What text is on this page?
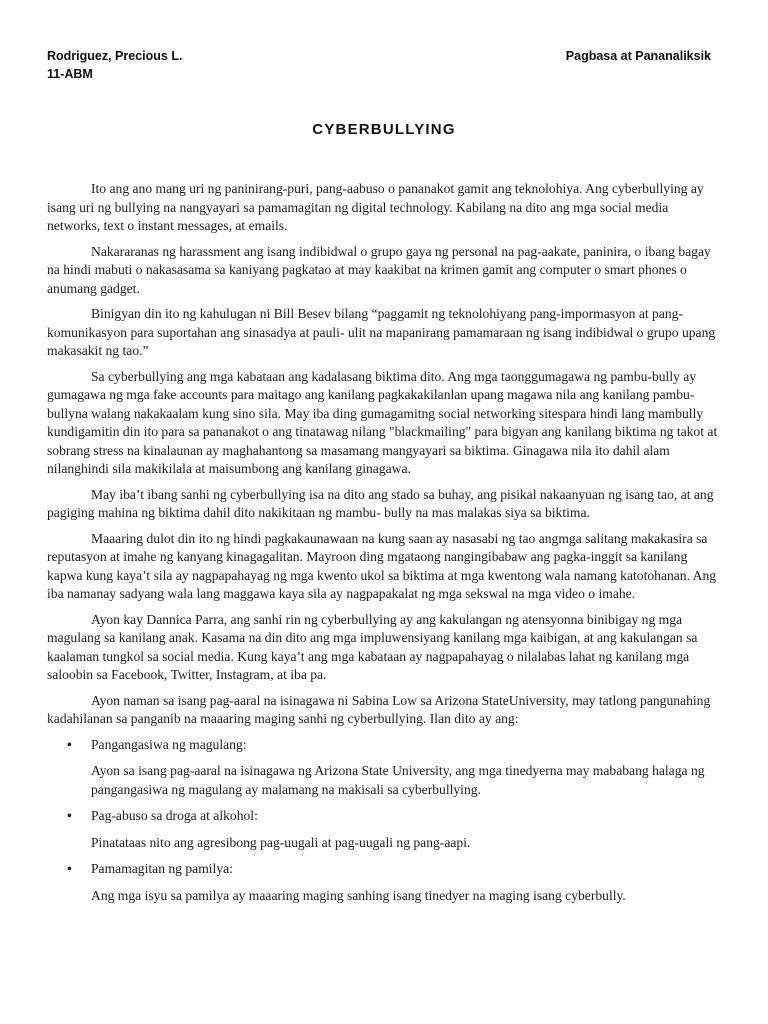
Rodriguez, Precious L.
11-ABM
Pagbasa at Pananaliksik
CYBERBULLYING

Ito ang ano mang uri ng paninirang-puri, pang-aabuso o pananakot gamit ang teknolohiya. Ang cyberbullying ay isang uri ng bullying na nangyayari sa pamamagitan ng digital technology. Kabilang na dito ang mga social media networks, text o instant messages, at emails.

Nakararanas ng harassment ang isang indibidwal o grupo gaya ng personal na pag-aakate, paninira, o ibang bagay na hindi mabuti o nakasasama sa kaniyang pagkatao at may kaakibat na krimen gamit ang computer o smart phones o anumang gadget.

Binigyan din ito ng kahulugan ni Bill Besev bilang “paggamit ng teknolohiyang pang-impormasyon at pang-komunikasyon para suportahan ang sinasadya at pauli- ulit na mapanirang pamamaraan ng isang indibidwal o grupo upang makasakit ng tao.”

Sa cyberbullying ang mga kabataan ang kadalasang biktima dito. Ang mga taonggumagawa ng pambu-bully ay gumagawa ng mga fake accounts para maitago ang kanilang pagkakakilanlan upang magawa nila ang kanilang pambu-bullyna walang nakakaalam kung sino sila. May iba ding gumagamitng social networking sitespara hindi lang mambully kundigamitin din ito para sa pananakot o ang tinatawag nilang "blackmailing" para bigyan ang kanilang biktima ng takot at sobrang stress na kinalaunan ay maghahantong sa masamang mangyayari sa biktima. Ginagawa nila ito dahil alam nilanghindi sila makikilala at maisumbong ang kanilang ginagawa.

May iba’t ibang sanhi ng cyberbullying isa na dito ang stado sa buhay, ang pisikal nakaanyuan ng isang tao, at ang pagiging mahina ng biktima dahil dito nakikitaan ng mambu- bully na mas malakas siya sa biktima.

Maaaring dulot din ito ng hindi pagkakaunawaan na kung saan ay nasasabi ng tao angmga salitang makakasira sa reputasyon at imahe ng kanyang kinagagalitan. Mayroon ding mgataong nangingibabaw ang pagka-inggit sa kanilang kapwa kung kaya’t sila ay nagpapahayag ng mga kwento ukol sa biktima at mga kwentong wala namang katotohanan. Ang iba namanay sadyang wala lang maggawa kaya sila ay nagpapakalat ng mga sekswal na mga video o imahe.

Ayon kay Dannica Parra, ang sanhi rin ng cyberbullying ay ang kakulangan ng atensyonna binibigay ng mga magulang sa kanilang anak. Kasama na din dito ang mga impluwensiyang kanilang mga kaibigan, at ang kakulangan sa kaalaman tungkol sa social media. Kung kaya’t ang mga kabataan ay nagpapahayag o nilalabas lahat ng kanilang mga saloobin sa Facebook, Twitter, Instagram, at iba pa.

Ayon naman sa isang pag-aaral na isinagawa ni Sabina Low sa Arizona StateUniversity, may tatlong pangunahing kadahilanan sa panganib na maaaring maging sanhi ng cyberbullying. Ilan dito ay ang:

•	Pangangasiwa ng magulang:

Ayon sa isang pag-aaral na isinagawa ng Arizona State University, ang mga tinedyerna may mababang halaga ng pangangasiwa ng magulang ay malamang na makisali sa cyberbullying.

•	Pag-abuso sa droga at alkohol:

Pinatataas nito ang agresibong pag-uugali at pag-uugali ng pang-aapi.

•	Pamamagitan ng pamilya:

Ang mga isyu sa pamilya ay maaaring maging sanhing isang tinedyer na maging isang cyberbully.
